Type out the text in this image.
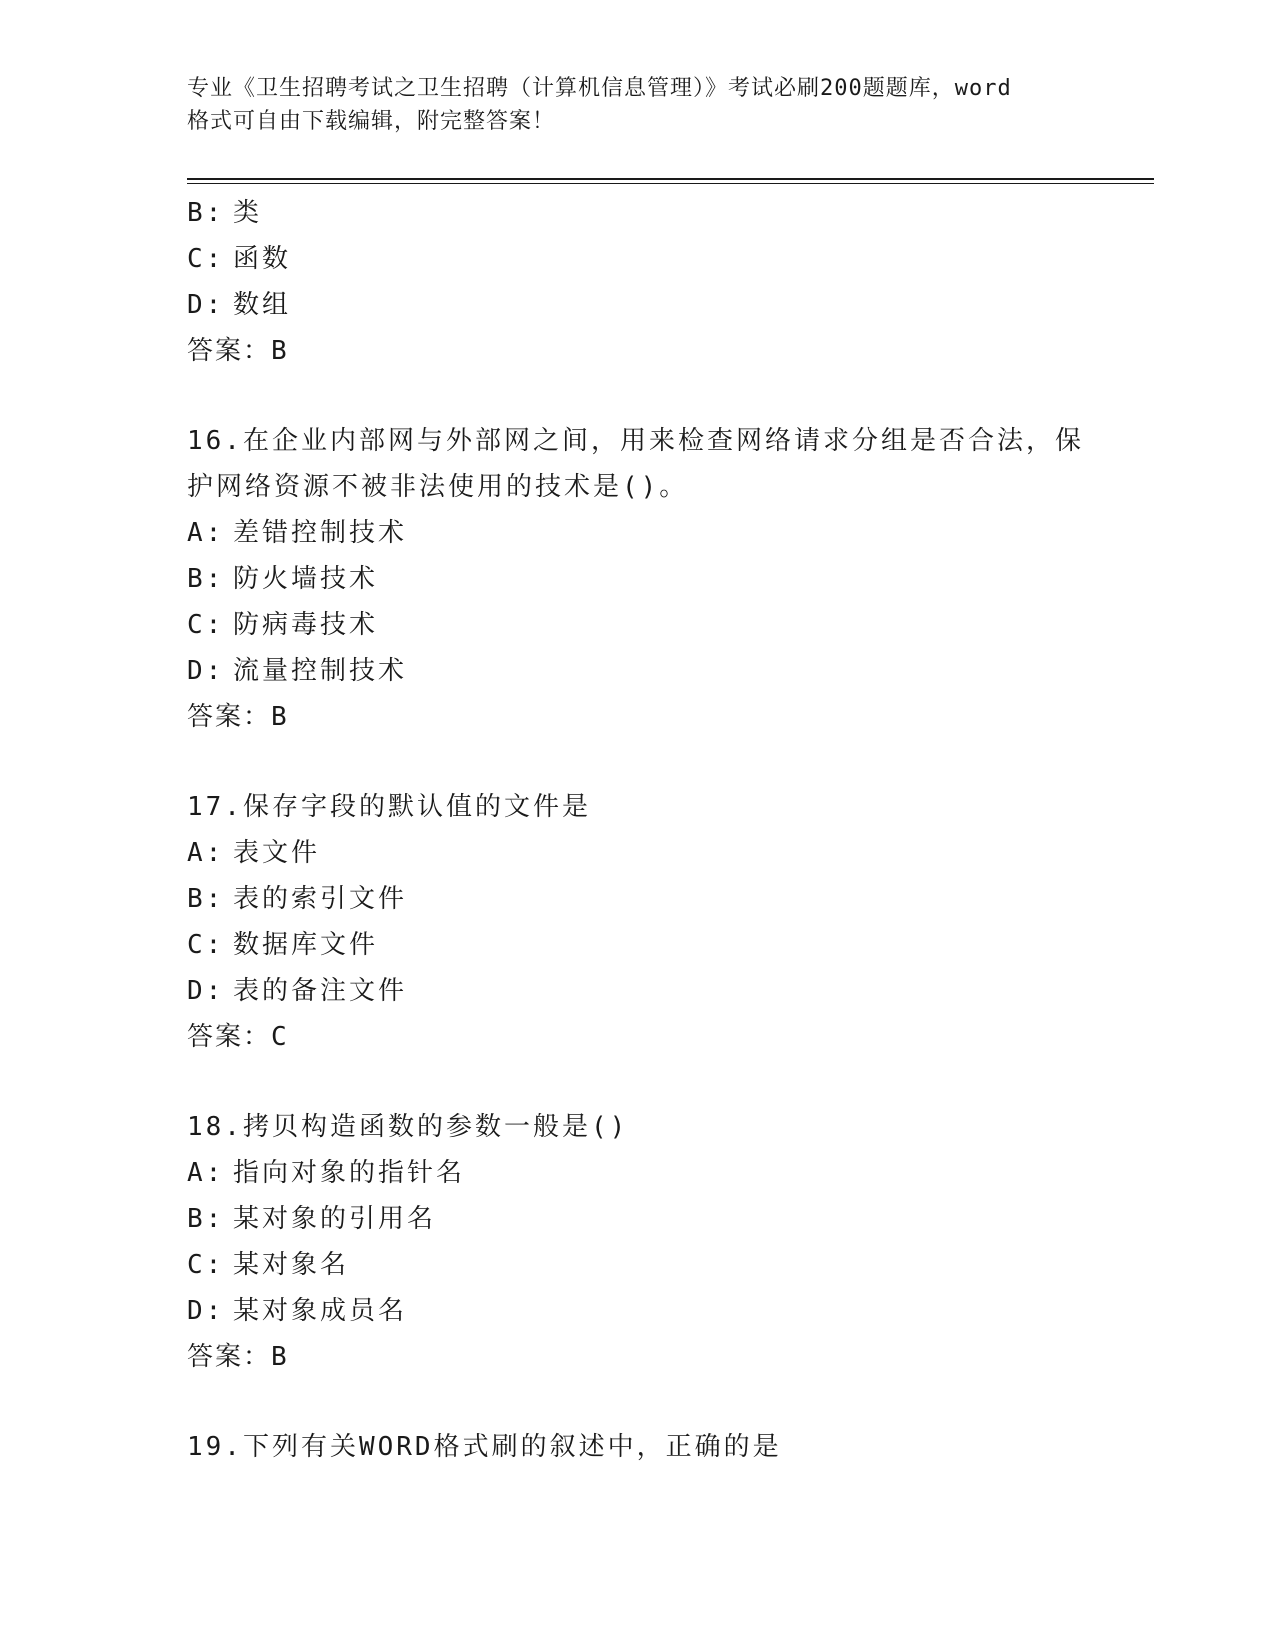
专业《卫生招聘考试之卫生招聘（计算机信息管理）》考试必刷200题题库，word
格式可自由下载编辑，附完整答案！
B: 类
C: 函数
D: 数组
答案：B
16.在企业内部网与外部网之间，用来检查网络请求分组是否合法，保
护网络资源不被非法使用的技术是()。
A: 差错控制技术
B: 防火墙技术
C: 防病毒技术
D: 流量控制技术
答案：B
17.保存字段的默认值的文件是
A: 表文件
B: 表的索引文件
C: 数据库文件
D: 表的备注文件
答案：C
18.拷贝构造函数的参数一般是()
A: 指向对象的指针名
B: 某对象的引用名
C: 某对象名
D: 某对象成员名
答案：B
19.下列有关WORD格式刷的叙述中，正确的是
